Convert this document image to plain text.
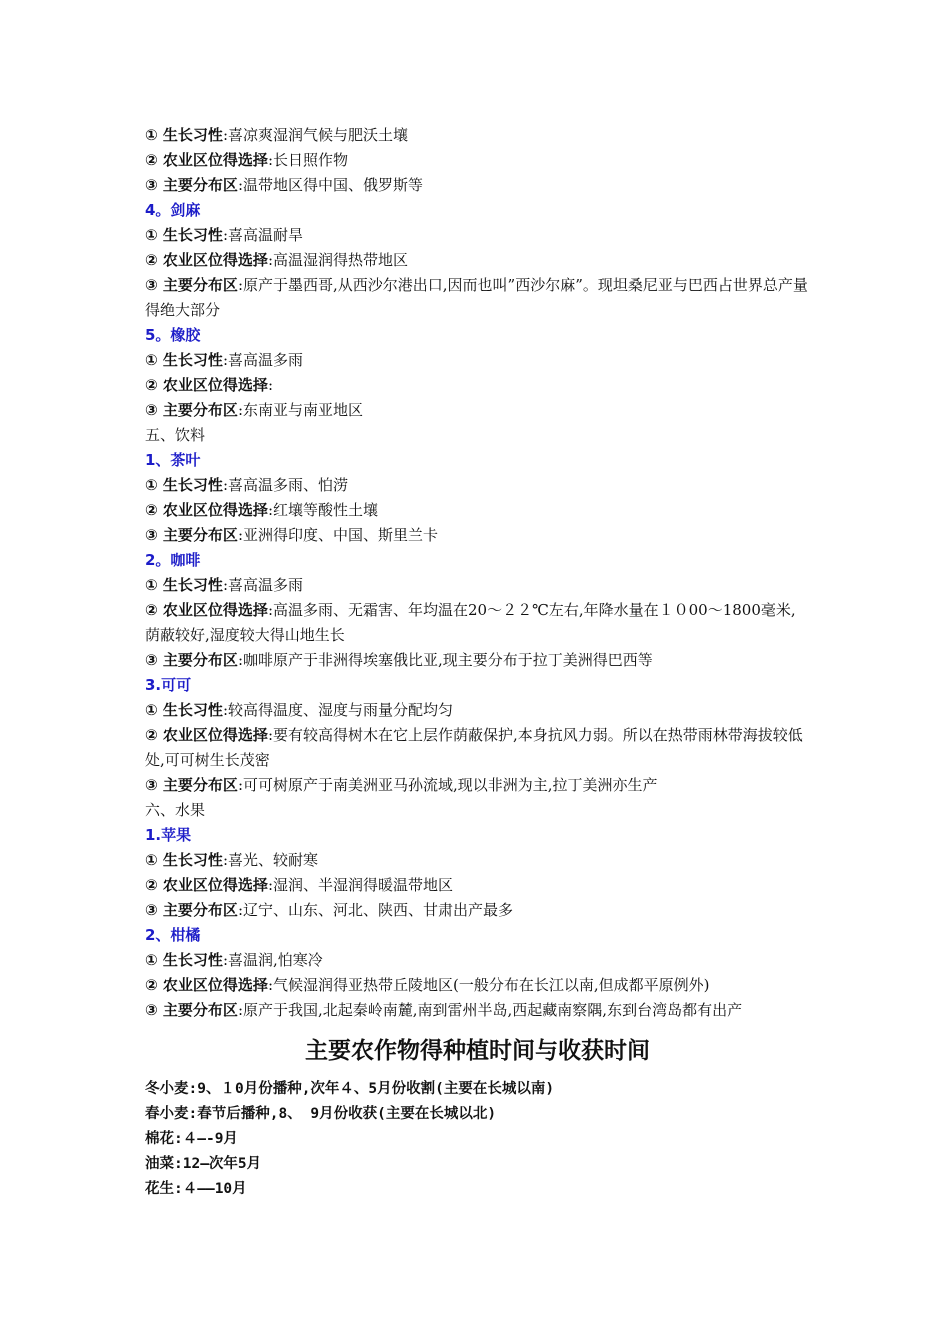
① 生长习性:喜凉爽湿润气候与肥沃土壤
② 农业区位得选择:长日照作物
③ 主要分布区:温带地区得中国、俄罗斯等
4。剑麻
① 生长习性:喜高温耐旱
② 农业区位得选择:高温湿润得热带地区
③ 主要分布区:原产于墨西哥,从西沙尔港出口,因而也叫”西沙尔麻”。现坦桑尼亚与巴西占世界总产量得绝大部分
5。橡胶
① 生长习性:喜高温多雨
② 农业区位得选择:
③ 主要分布区:东南亚与南亚地区
五、饮料
1、茶叶
① 生长习性:喜高温多雨、怕涝
② 农业区位得选择:红壤等酸性土壤
③ 主要分布区:亚洲得印度、中国、斯里兰卡
2。咖啡
① 生长习性:喜高温多雨
② 农业区位得选择:高温多雨、无霜害、年均温在20～２２℃左右,年降水量在１０00～1800毫米,荫蔽较好,湿度较大得山地生长
③ 主要分布区:咖啡原产于非洲得埃塞俄比亚,现主要分布于拉丁美洲得巴西等
3.可可
① 生长习性:较高得温度、湿度与雨量分配均匀
② 农业区位得选择:要有较高得树木在它上层作荫蔽保护,本身抗风力弱。所以在热带雨林带海拔较低处,可可树生长茂密
③ 主要分布区:可可树原产于南美洲亚马孙流域,现以非洲为主,拉丁美洲亦生产
六、水果
1.苹果
① 生长习性:喜光、较耐寒
② 农业区位得选择:湿润、半湿润得暖温带地区
③ 主要分布区:辽宁、山东、河北、陕西、甘肃出产最多
2、柑橘
① 生长习性:喜温润,怕寒冷
② 农业区位得选择:气候湿润得亚热带丘陵地区(一般分布在长江以南,但成都平原例外)
③ 主要分布区:原产于我国,北起秦岭南麓,南到雷州半岛,西起藏南察隅,东到台湾岛都有出产
主要农作物得种植时间与收获时间
冬小麦:9、１0月份播种,次年４、5月份收割(主要在长城以南)
春小麦:春节后播种,8、 9月份收获(主要在长城以北)
棉花:４—-9月
油菜:12—次年5月
花生:４——10月
